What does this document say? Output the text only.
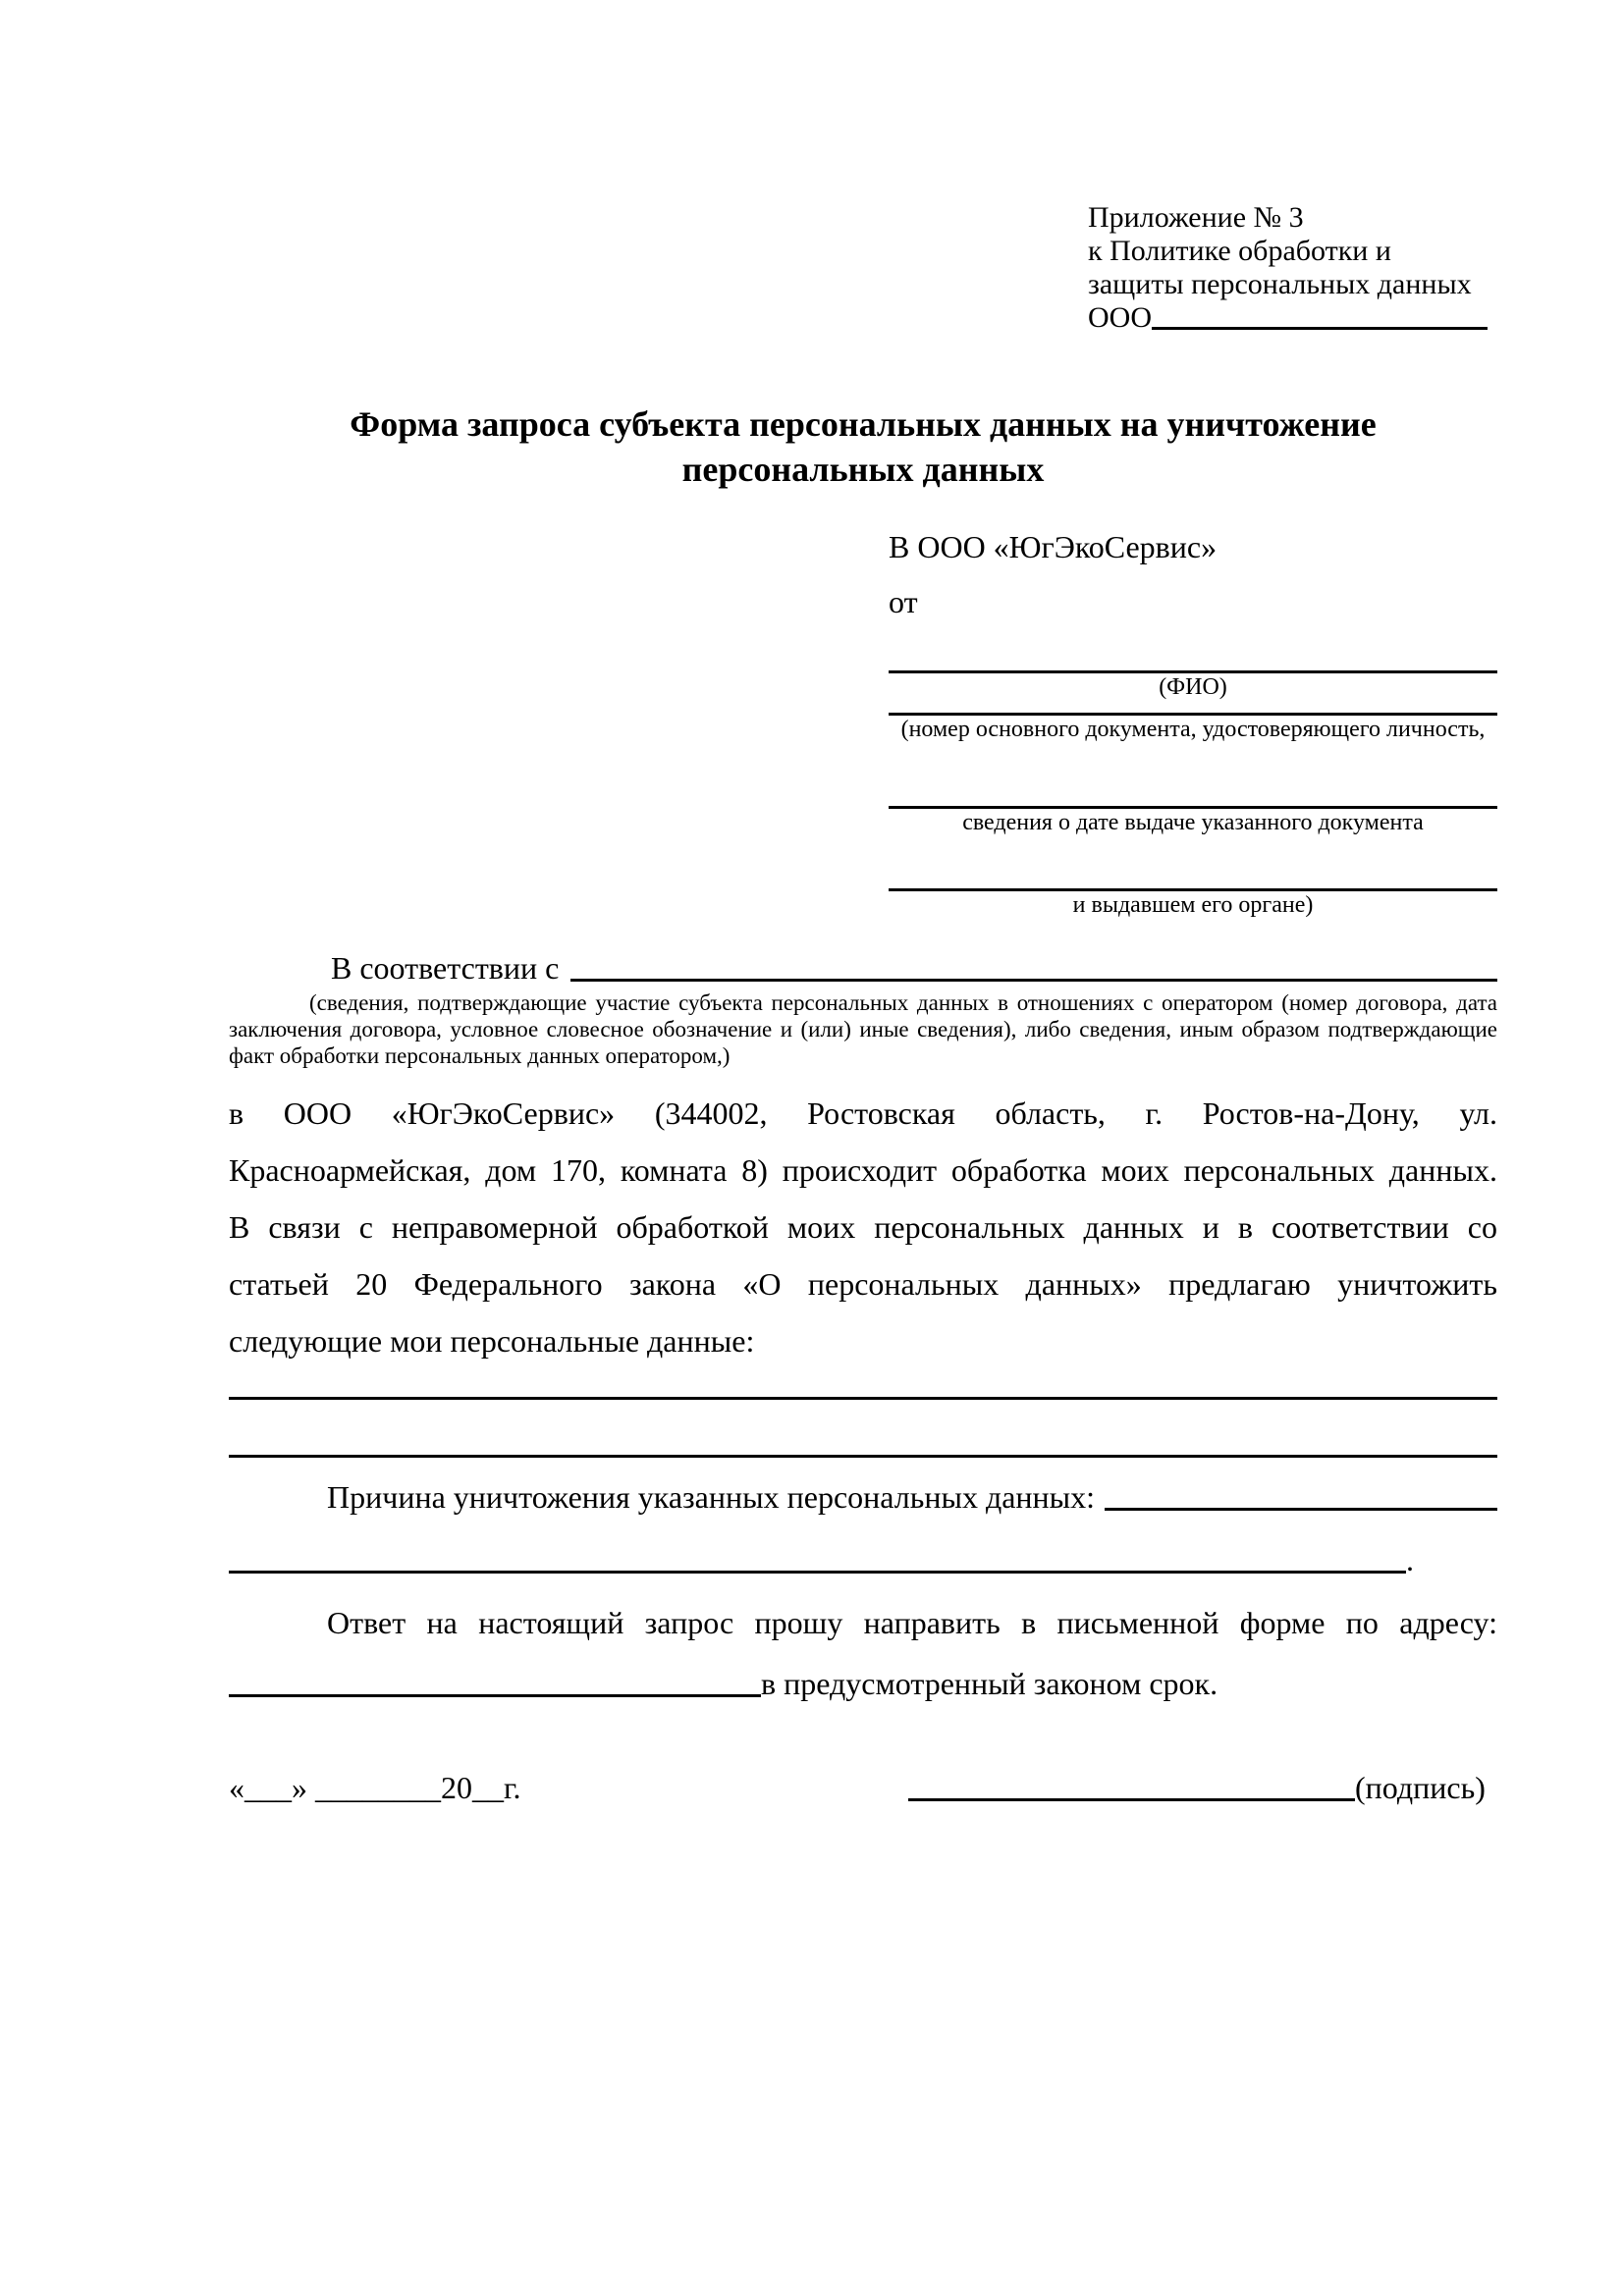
Приложение № 3
к Политике обработки и
защиты персональных данных
ООО
Форма запроса субъекта персональных данных на уничтожение
персональных данных
В ООО «ЮгЭкоСервис»
от
(ФИО)
(номер основного документа, удостоверяющего личность,
сведения о дате выдаче указанного документа
и выдавшем его органе)
В соответствии с
(сведения, подтверждающие участие субъекта персональных данных в отношениях с оператором (номер договора, дата заключения договора, условное словесное обозначение и (или) иные сведения), либо сведения, иным образом подтверждающие факт обработки персональных данных оператором,)
в ООО «ЮгЭкоСервис» (344002, Ростовская область, г. Ростов-на-Дону, ул.
Красноармейская, дом 170, комната 8) происходит обработка моих персональных данных.
В связи с неправомерной обработкой моих персональных данных и в соответствии со
статьей 20 Федерального закона «О персональных данных» предлагаю уничтожить
следующие мои персональные данные:
Причина уничтожения указанных персональных данных:
.
Ответ на настоящий запрос прошу направить в письменной форме по адресу:
в предусмотренный законом срок.
«___» ________20__г.	(подпись)
